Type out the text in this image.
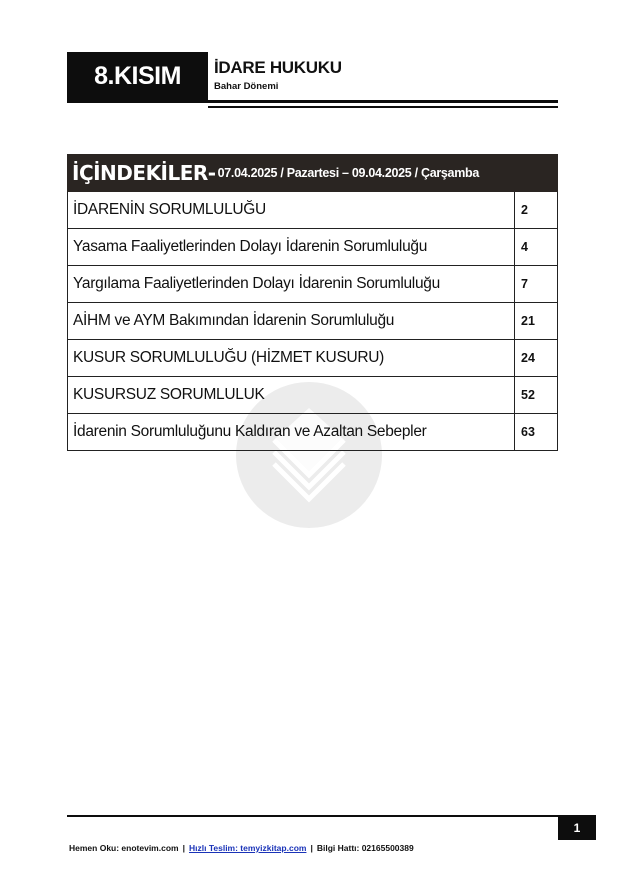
8.KISIM İDARE HUKUKU
Bahar Dönemi
İÇİNDEKİLER- 07.04.2025 / Pazartesi – 09.04.2025 / Çarşamba
İDARENİN SORUMLULUĞU	2
Yasama Faaliyetlerinden Dolayı İdarenin Sorumluluğu	4
Yargılama Faaliyetlerinden Dolayı İdarenin Sorumluluğu	7
AİHM ve AYM Bakımından İdarenin Sorumluluğu	21
KUSUR SORUMLULUĞU (HİZMET KUSURU)	24
KUSURSUZ SORUMLULUK	52
İdarenin Sorumluluğunu Kaldıran ve Azaltan Sebepler	63
1
Hemen Oku: enotevim.com | Hızlı Teslim: temyizkitap.com | Bilgi Hattı: 02165500389
